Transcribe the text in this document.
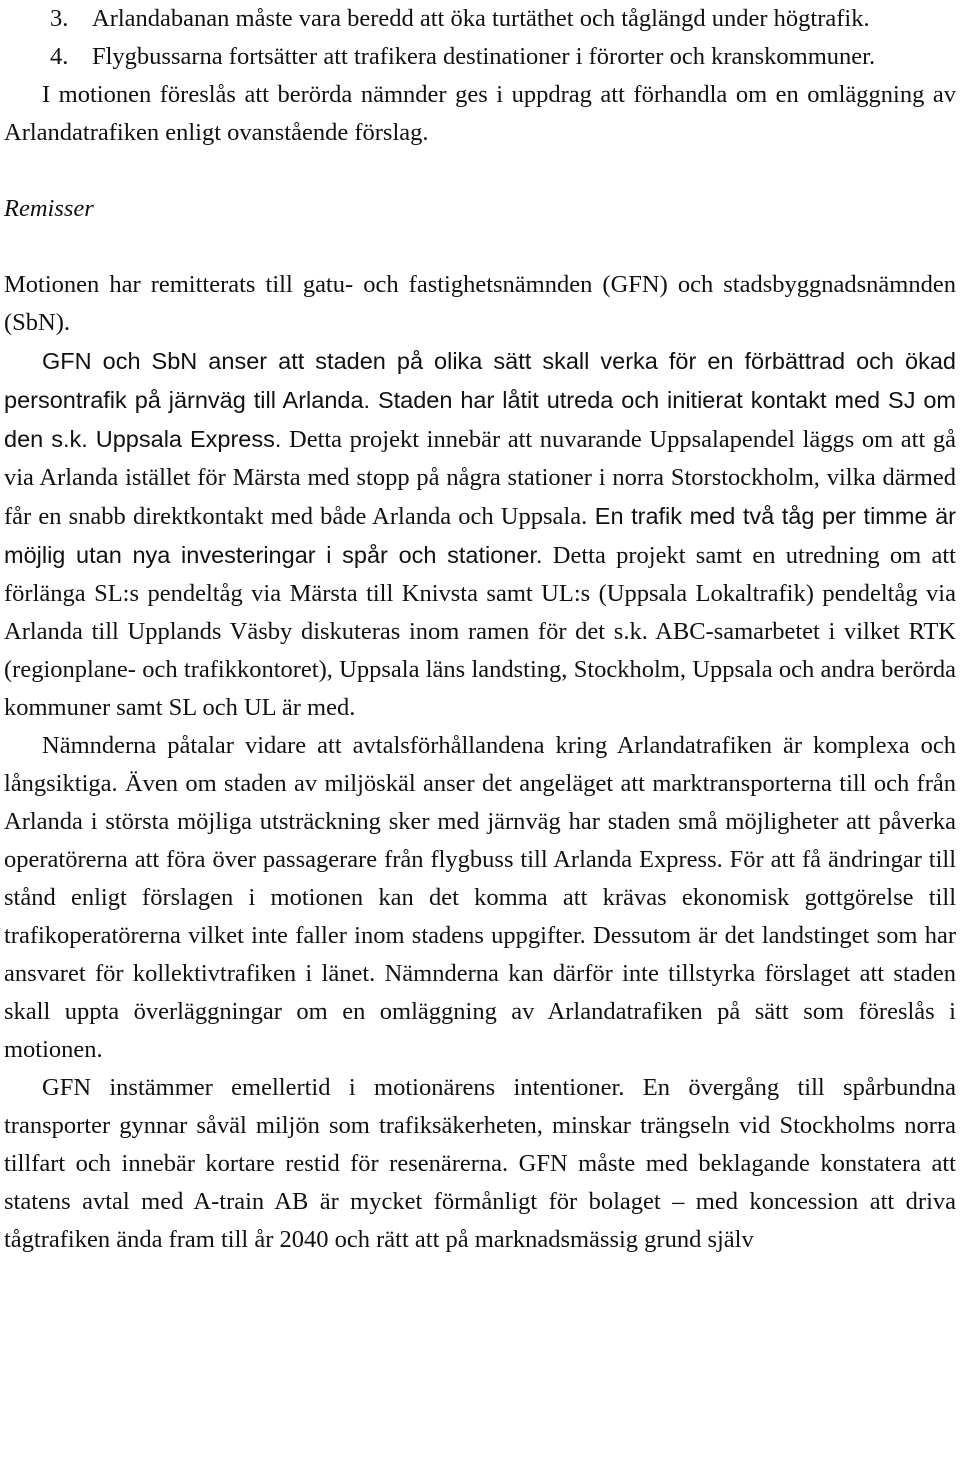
3. Arlandabanan måste vara beredd att öka turtäthet och tåglängd under högtrafik.
4. Flygbussarna fortsätter att trafikera destinationer i förorter och kranskommuner.

I motionen föreslås att berörda nämnder ges i uppdrag att förhandla om en omläggning av Arlandatrafiken enligt ovanstående förslag.

Remisser

Motionen har remitterats till gatu- och fastighetsnämnden (GFN) och stadsbyggnadsnämnden (SbN).

GFN och SbN anser att staden på olika sätt skall verka för en förbättrad och ökad persontrafik på järnväg till Arlanda. Staden har låtit utreda och initierat kontakt med SJ om den s.k. Uppsala Express. Detta projekt innebär att nuvarande Uppsalapendel läggs om att gå via Arlanda istället för Märsta med stopp på några stationer i norra Storstockholm, vilka därmed får en snabb direktkontakt med både Arlanda och Uppsala. En trafik med två tåg per timme är möjlig utan nya investeringar i spår och stationer. Detta projekt samt en utredning om att förlänga SL:s pendeltåg via Märsta till Knivsta samt UL:s (Uppsala Lokaltrafik) pendeltåg via Arlanda till Upplands Väsby diskuteras inom ramen för det s.k. ABC-samarbetet i vilket RTK (regionplane- och trafikkontoret), Uppsala läns landsting, Stockholm, Uppsala och andra berörda kommuner samt SL och UL är med.

Nämnderna påtalar vidare att avtalsförhållandena kring Arlandatrafiken är komplexa och långsiktiga. Även om staden av miljöskäl anser det angeläget att marktransporterna till och från Arlanda i största möjliga utsträckning sker med järnväg har staden små möjligheter att påverka operatörerna att föra över passagerare från flygbuss till Arlanda Express. För att få ändringar till stånd enligt förslagen i motionen kan det komma att krävas ekonomisk gottgörelse till trafikoperatörerna vilket inte faller inom stadens uppgifter. Dessutom är det landstinget som har ansvaret för kollektivtrafiken i länet. Nämnderna kan därför inte tillstyrka förslaget att staden skall uppta överläggningar om en omläggning av Arlandatrafiken på sätt som föreslås i motionen.

GFN instämmer emellertid i motionärens intentioner. En övergång till spårbundna transporter gynnar såväl miljön som trafiksäkerheten, minskar trängseln vid Stockholms norra tillfart och innebär kortare restid för resenärerna. GFN måste med beklagande konstatera att statens avtal med A-train AB är mycket förmånligt för bolaget – med koncession att driva tågtrafiken ända fram till år 2040 och rätt att på marknadsmässig grund själv
